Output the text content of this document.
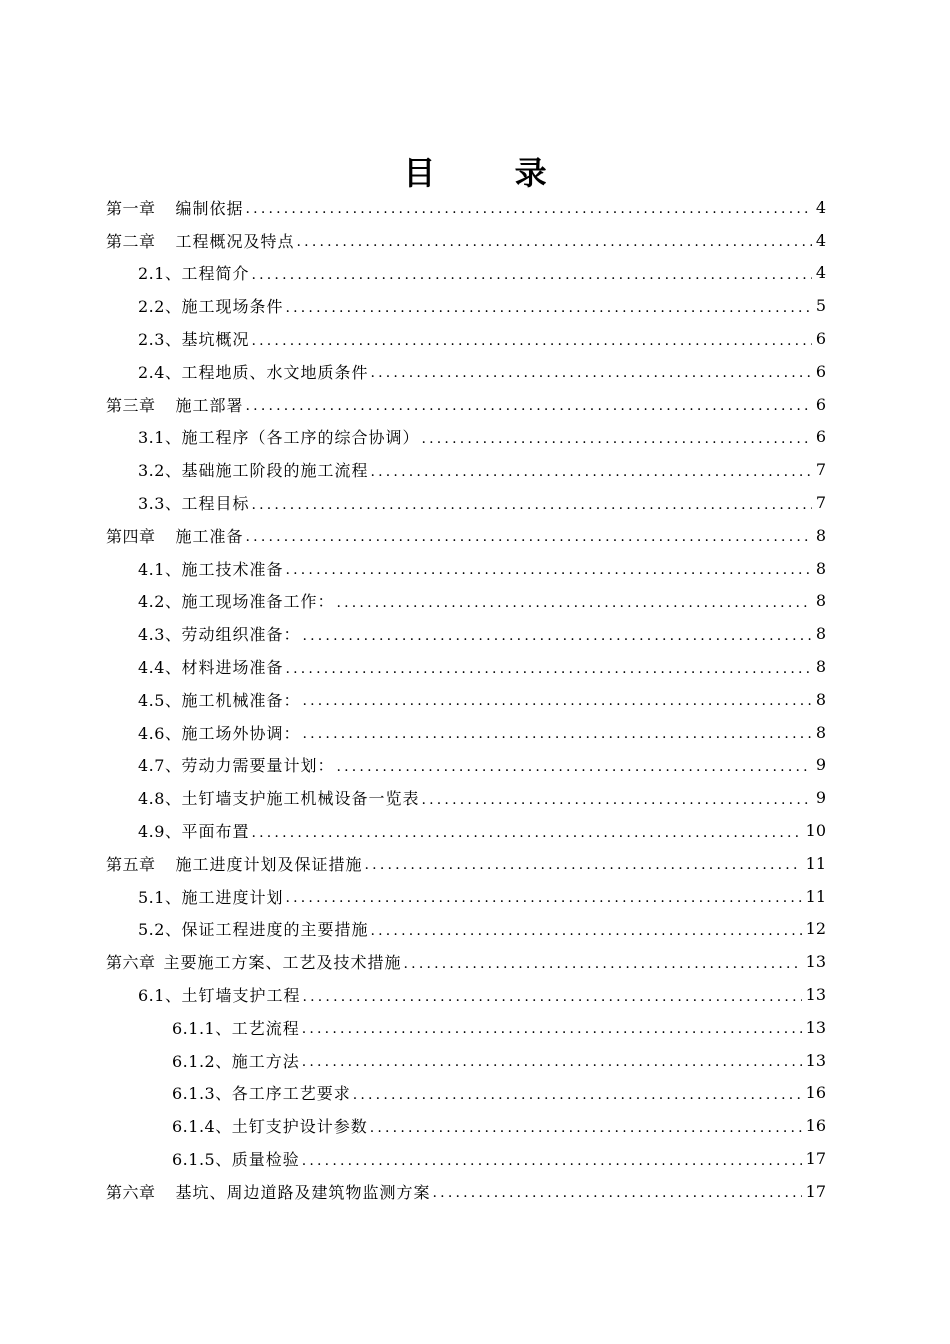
目 录
第一章 编制依据 .....	4
第二章 工程概况及特点 .....	4
2.1、工程简介 .....	4
2.2、施工现场条件 .....	5
2.3、基坑概况 .....	6
2.4、工程地质、水文地质条件 .....	6
第三章 施工部署 .....	6
3.1、施工程序（各工序的综合协调） .....	6
3.2、基础施工阶段的施工流程 .....	7
3.3、工程目标 .....	7
第四章 施工准备 .....	8
4.1、施工技术准备 .....	8
4.2、施工现场准备工作： .....	8
4.3、劳动组织准备： .....	8
4.4、材料进场准备 .....	8
4.5、施工机械准备： .....	8
4.6、施工场外协调： .....	8
4.7、劳动力需要量计划： .....	9
4.8、土钉墙支护施工机械设备一览表 .....	9
4.9、平面布置 .....	10
第五章 施工进度计划及保证措施 .....	11
5.1、施工进度计划 .....	11
5.2、保证工程进度的主要措施 .....	12
第六章 主要施工方案、工艺及技术措施 .....	13
6.1、土钉墙支护工程 .....	13
6.1.1、工艺流程 .....	13
6.1.2、施工方法 .....	13
6.1.3、各工序工艺要求 .....	16
6.1.4、土钉支护设计参数 .....	16
6.1.5、质量检验 .....	17
第六章 基坑、周边道路及建筑物监测方案 .....	17
